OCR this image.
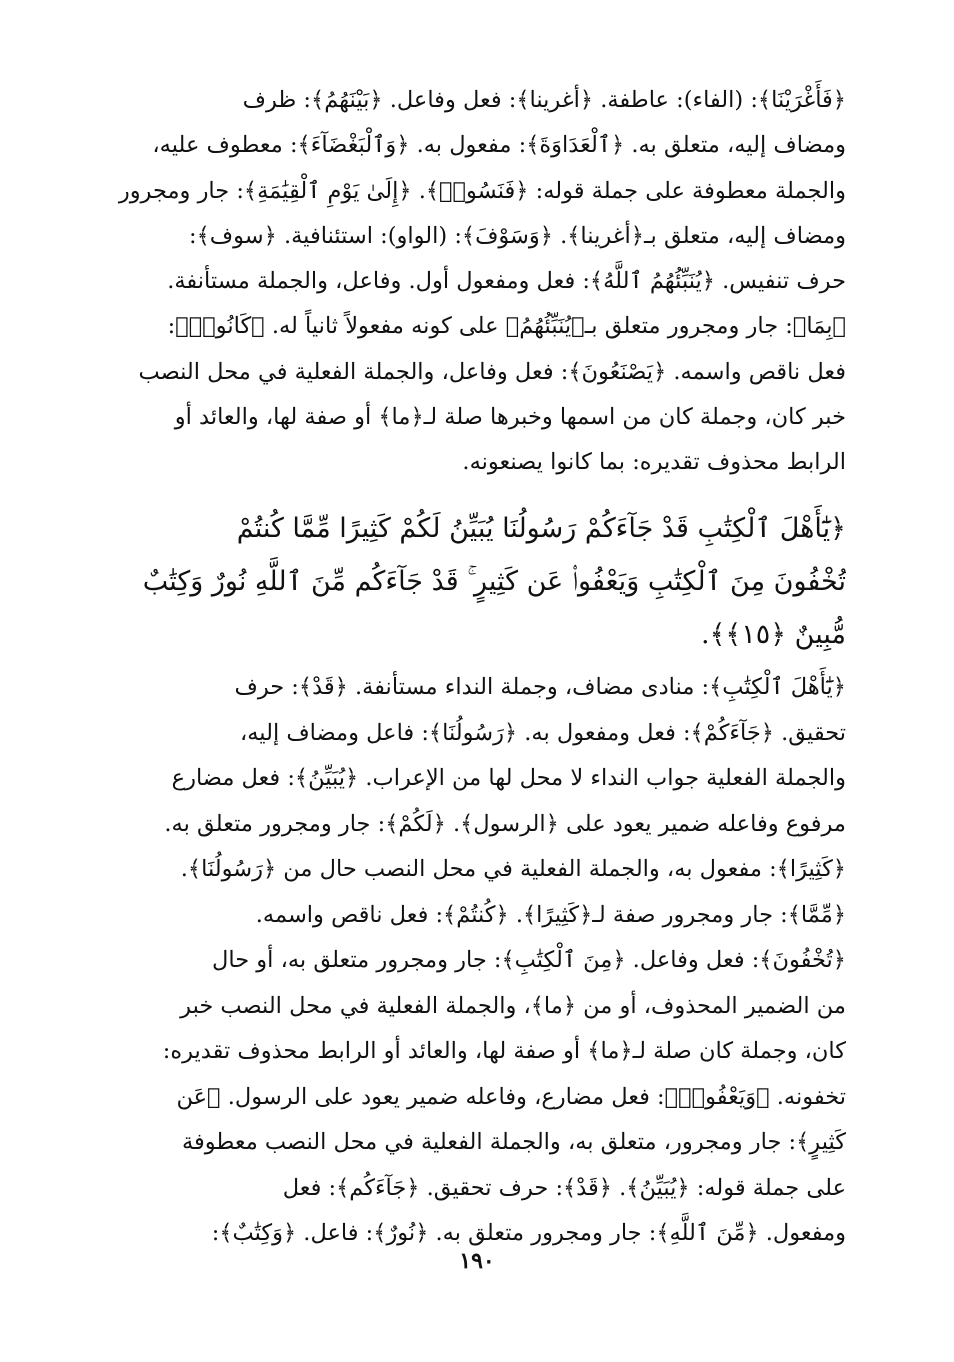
﴿فَأَغْرَيْنَا﴾: (الفاء): عاطفة. ﴿أغرينا﴾: فعل وفاعل. ﴿بَيْنَهُمُ﴾: ظرف
ومضاف إليه، متعلق به. ﴿ٱلْعَدَاوَةَ﴾: مفعول به. ﴿وَٱلْبَغْضَآءَ﴾: معطوف عليه،
والجملة معطوفة على جملة قوله: ﴿فَنَسُوا۟﴾. ﴿إِلَىٰ يَوْمِ ٱلْقِيَٰمَةِ﴾: جار ومجرور
ومضاف إليه، متعلق بـ﴿أغرينا﴾. ﴿وَسَوْفَ﴾: (الواو): استئنافية. ﴿سوف﴾:
حرف تنفيس. ﴿يُنَبِّئُهُمُ ٱللَّهُ﴾: فعل ومفعول أول. وفاعل، والجملة مستأنفة.
﴿بِمَا﴾: جار ومجرور متعلق بـ﴿يُنَبِّئُهُمُ﴾ على كونه مفعولاً ثانياً له. ﴿كَانُوا۟﴾:
فعل ناقص واسمه. ﴿يَصْنَعُونَ﴾: فعل وفاعل، والجملة الفعلية في محل النصب
خبر كان، وجملة كان من اسمها وخبرها صلة لـ﴿ما﴾ أو صفة لها، والعائد أو
الرابط محذوف تقديره: بما كانوا يصنعونه.
﴿يَٰٓأَهْلَ ٱلْكِتَٰبِ قَدْ جَآءَكُمْ رَسُولُنَا يُبَيِّنُ لَكُمْ كَثِيرًا مِّمَّا كُنتُمْ
تُخْفُونَ مِنَ ٱلْكِتَٰبِ وَيَعْفُوا۟ عَن كَثِيرٍ ۚ قَدْ جَآءَكُم مِّنَ ٱللَّهِ نُورٌ وَكِتَٰبٌ
مُّبِينٌ ﴿١٥﴾﴾.
﴿يَٰٓأَهْلَ ٱلْكِتَٰبِ﴾: منادى مضاف، وجملة النداء مستأنفة. ﴿قَدْ﴾: حرف
تحقيق. ﴿جَآءَكُمْ﴾: فعل ومفعول به. ﴿رَسُولُنَا﴾: فاعل ومضاف إليه،
والجملة الفعلية جواب النداء لا محل لها من الإعراب. ﴿يُبَيِّنُ﴾: فعل مضارع
مرفوع وفاعله ضمير يعود على ﴿الرسول﴾. ﴿لَكُمْ﴾: جار ومجرور متعلق به.
﴿كَثِيرًا﴾: مفعول به، والجملة الفعلية في محل النصب حال من ﴿رَسُولُنَا﴾.
﴿مِّمَّا﴾: جار ومجرور صفة لـ﴿كَثِيرًا﴾. ﴿كُنتُمْ﴾: فعل ناقص واسمه.
﴿تُخْفُونَ﴾: فعل وفاعل. ﴿مِنَ ٱلْكِتَٰبِ﴾: جار ومجرور متعلق به، أو حال
من الضمير المحذوف، أو من ﴿ما﴾، والجملة الفعلية في محل النصب خبر
كان، وجملة كان صلة لـ﴿ما﴾ أو صفة لها، والعائد أو الرابط محذوف تقديره:
تخفونه. ﴿وَيَعْفُوا۟﴾: فعل مضارع، وفاعله ضمير يعود على الرسول. ﴿عَن
كَثِيرٍ﴾: جار ومجرور، متعلق به، والجملة الفعلية في محل النصب معطوفة
على جملة قوله: ﴿يُبَيِّنُ﴾. ﴿قَدْ﴾: حرف تحقيق. ﴿جَآءَكُم﴾: فعل
ومفعول. ﴿مِّنَ ٱللَّهِ﴾: جار ومجرور متعلق به. ﴿نُورٌ﴾: فاعل. ﴿وَكِتَٰبٌ﴾:
١٩٠
